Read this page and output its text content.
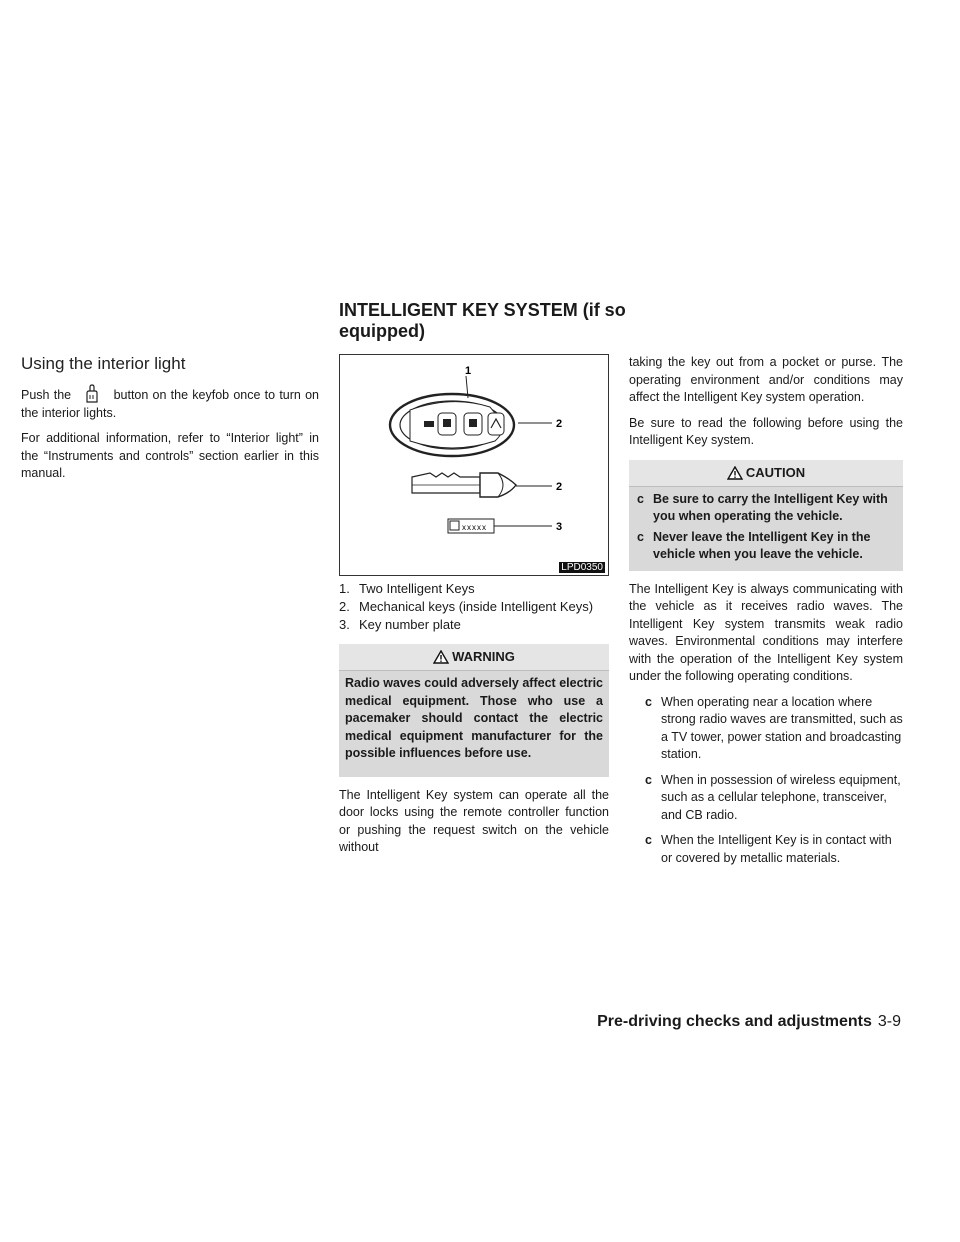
INTELLIGENT KEY SYSTEM (if so equipped)
Using the interior light

Push the	button on the keyfob once to turn on the interior lights.

For additional information, refer to “Interior light” in the “Instruments and controls” section earlier in this manual.

1
2
2
3
xxxxx
LPD0350
1. Two Intelligent Keys
2. Mechanical keys (inside Intelligent Keys)
3. Key number plate
WARNING

Radio waves could adversely affect electric medical equipment. Those who use a pacemaker should contact the electric medical equipment manufacturer for the possible influences before use.

The Intelligent Key system can operate all the door locks using the remote controller function or pushing the request switch on the vehicle without

taking the key out from a pocket or purse. The operating environment and/or conditions may affect the Intelligent Key system operation.

Be sure to read the following before using the Intelligent Key system.

CAUTION
c Be sure to carry the Intelligent Key with you when operating the vehicle.
c Never leave the Intelligent Key in the vehicle when you leave the vehicle.

The Intelligent Key is always communicating with the vehicle as it receives radio waves. The Intelligent Key system transmits weak radio waves. Environmental conditions may interfere with the operation of the Intelligent Key system under the following operating conditions.

c When operating near a location where strong radio waves are transmitted, such as a TV tower, power station and broadcasting station.
c When in possession of wireless equipment, such as a cellular telephone, transceiver, and CB radio.
c When the Intelligent Key is in contact with or covered by metallic materials.
Pre-driving checks and adjustments 3-9
